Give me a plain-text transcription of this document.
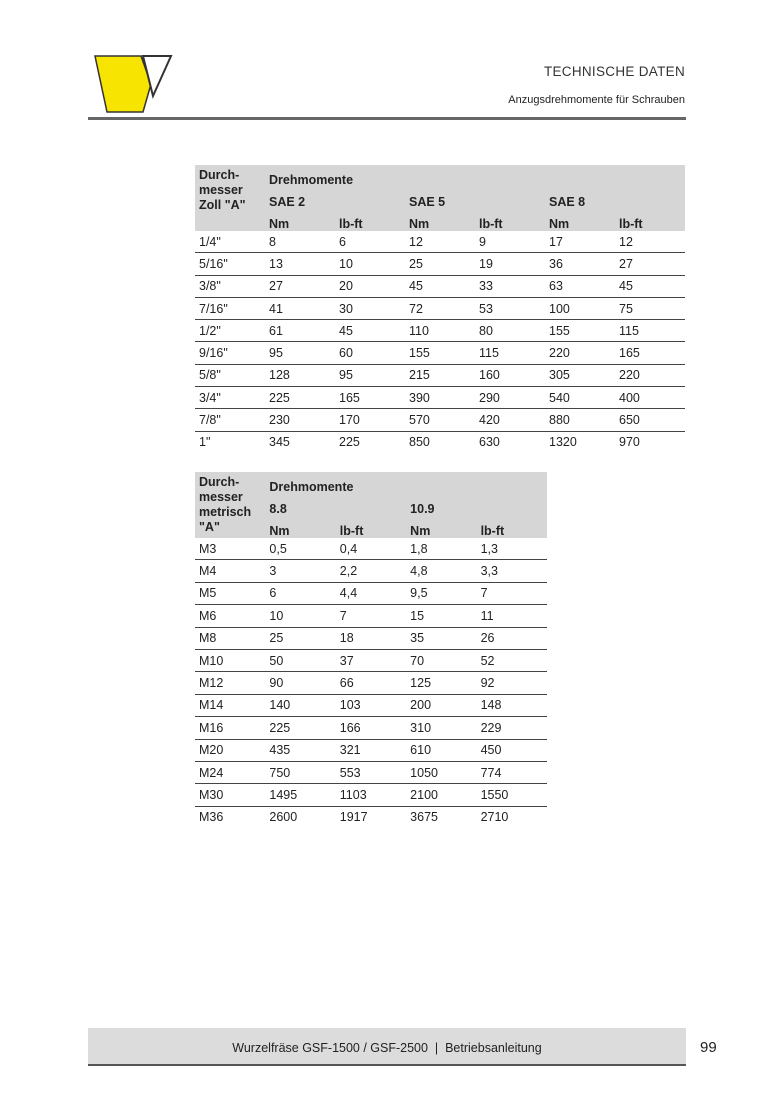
TECHNISCHE DATEN
Anzugsdrehmomente für Schrauben
Durch- messer Zoll "A"	Drehmomente					
	SAE 2		SAE 5		SAE 8	
	Nm	lb-ft	Nm	lb-ft	Nm	lb-ft
1/4"	8	6	12	9	17	12
5/16"	13	10	25	19	36	27
3/8"	27	20	45	33	63	45
7/16"	41	30	72	53	100	75
1/2"	61	45	110	80	155	115
9/16"	95	60	155	115	220	165
5/8"	128	95	215	160	305	220
3/4"	225	165	390	290	540	400
7/8"	230	170	570	420	880	650
1"	345	225	850	630	1320	970
Durch- messer metrisch "A"	Drehmomente			
	8.8		10.9	
	Nm	lb-ft	Nm	lb-ft
M3	0,5	0,4	1,8	1,3
M4	3	2,2	4,8	3,3
M5	6	4,4	9,5	7
M6	10	7	15	11
M8	25	18	35	26
M10	50	37	70	52
M12	90	66	125	92
M14	140	103	200	148
M16	225	166	310	229
M20	435	321	610	450
M24	750	553	1050	774
M30	1495	1103	2100	1550
M36	2600	1917	3675	2710
Wurzelfräse GSF-1500 / GSF-2500  |  Betriebsanleitung	99
